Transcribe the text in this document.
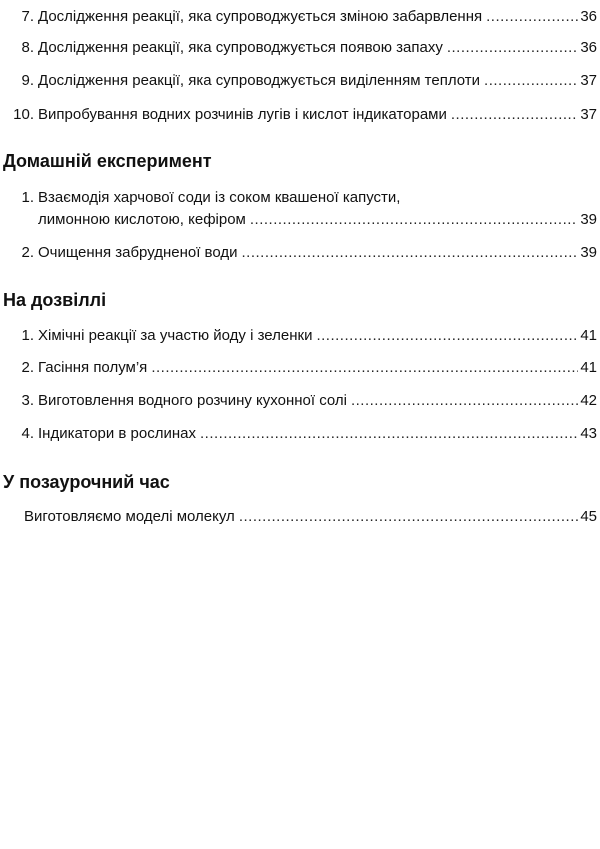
7. Дослідження реакції, яка супроводжується зміною забарвлення .....	36
8. Дослідження реакції, яка супроводжується появою запаху .....	36
9. Дослідження реакції, яка супроводжується виділенням теплоти .....	37
10. Випробування водних розчинів лугів і кислот індикаторами .....	37
Домашній експеримент
1. Взаємодія харчової соди із соком квашеної капусти,
лимонною кислотою, кефіром .....	39
2. Очищення забрудненої води .....	39
На дозвіллі
1. Хімічні реакції за участю йоду і зеленки .....	41
2. Гасіння полум’я .....	41
3. Виготовлення водного розчину кухонної солі .....	42
4. Індикатори в рослинах .....	43
У позаурочний час
Виготовляємо моделі молекул .....	45
